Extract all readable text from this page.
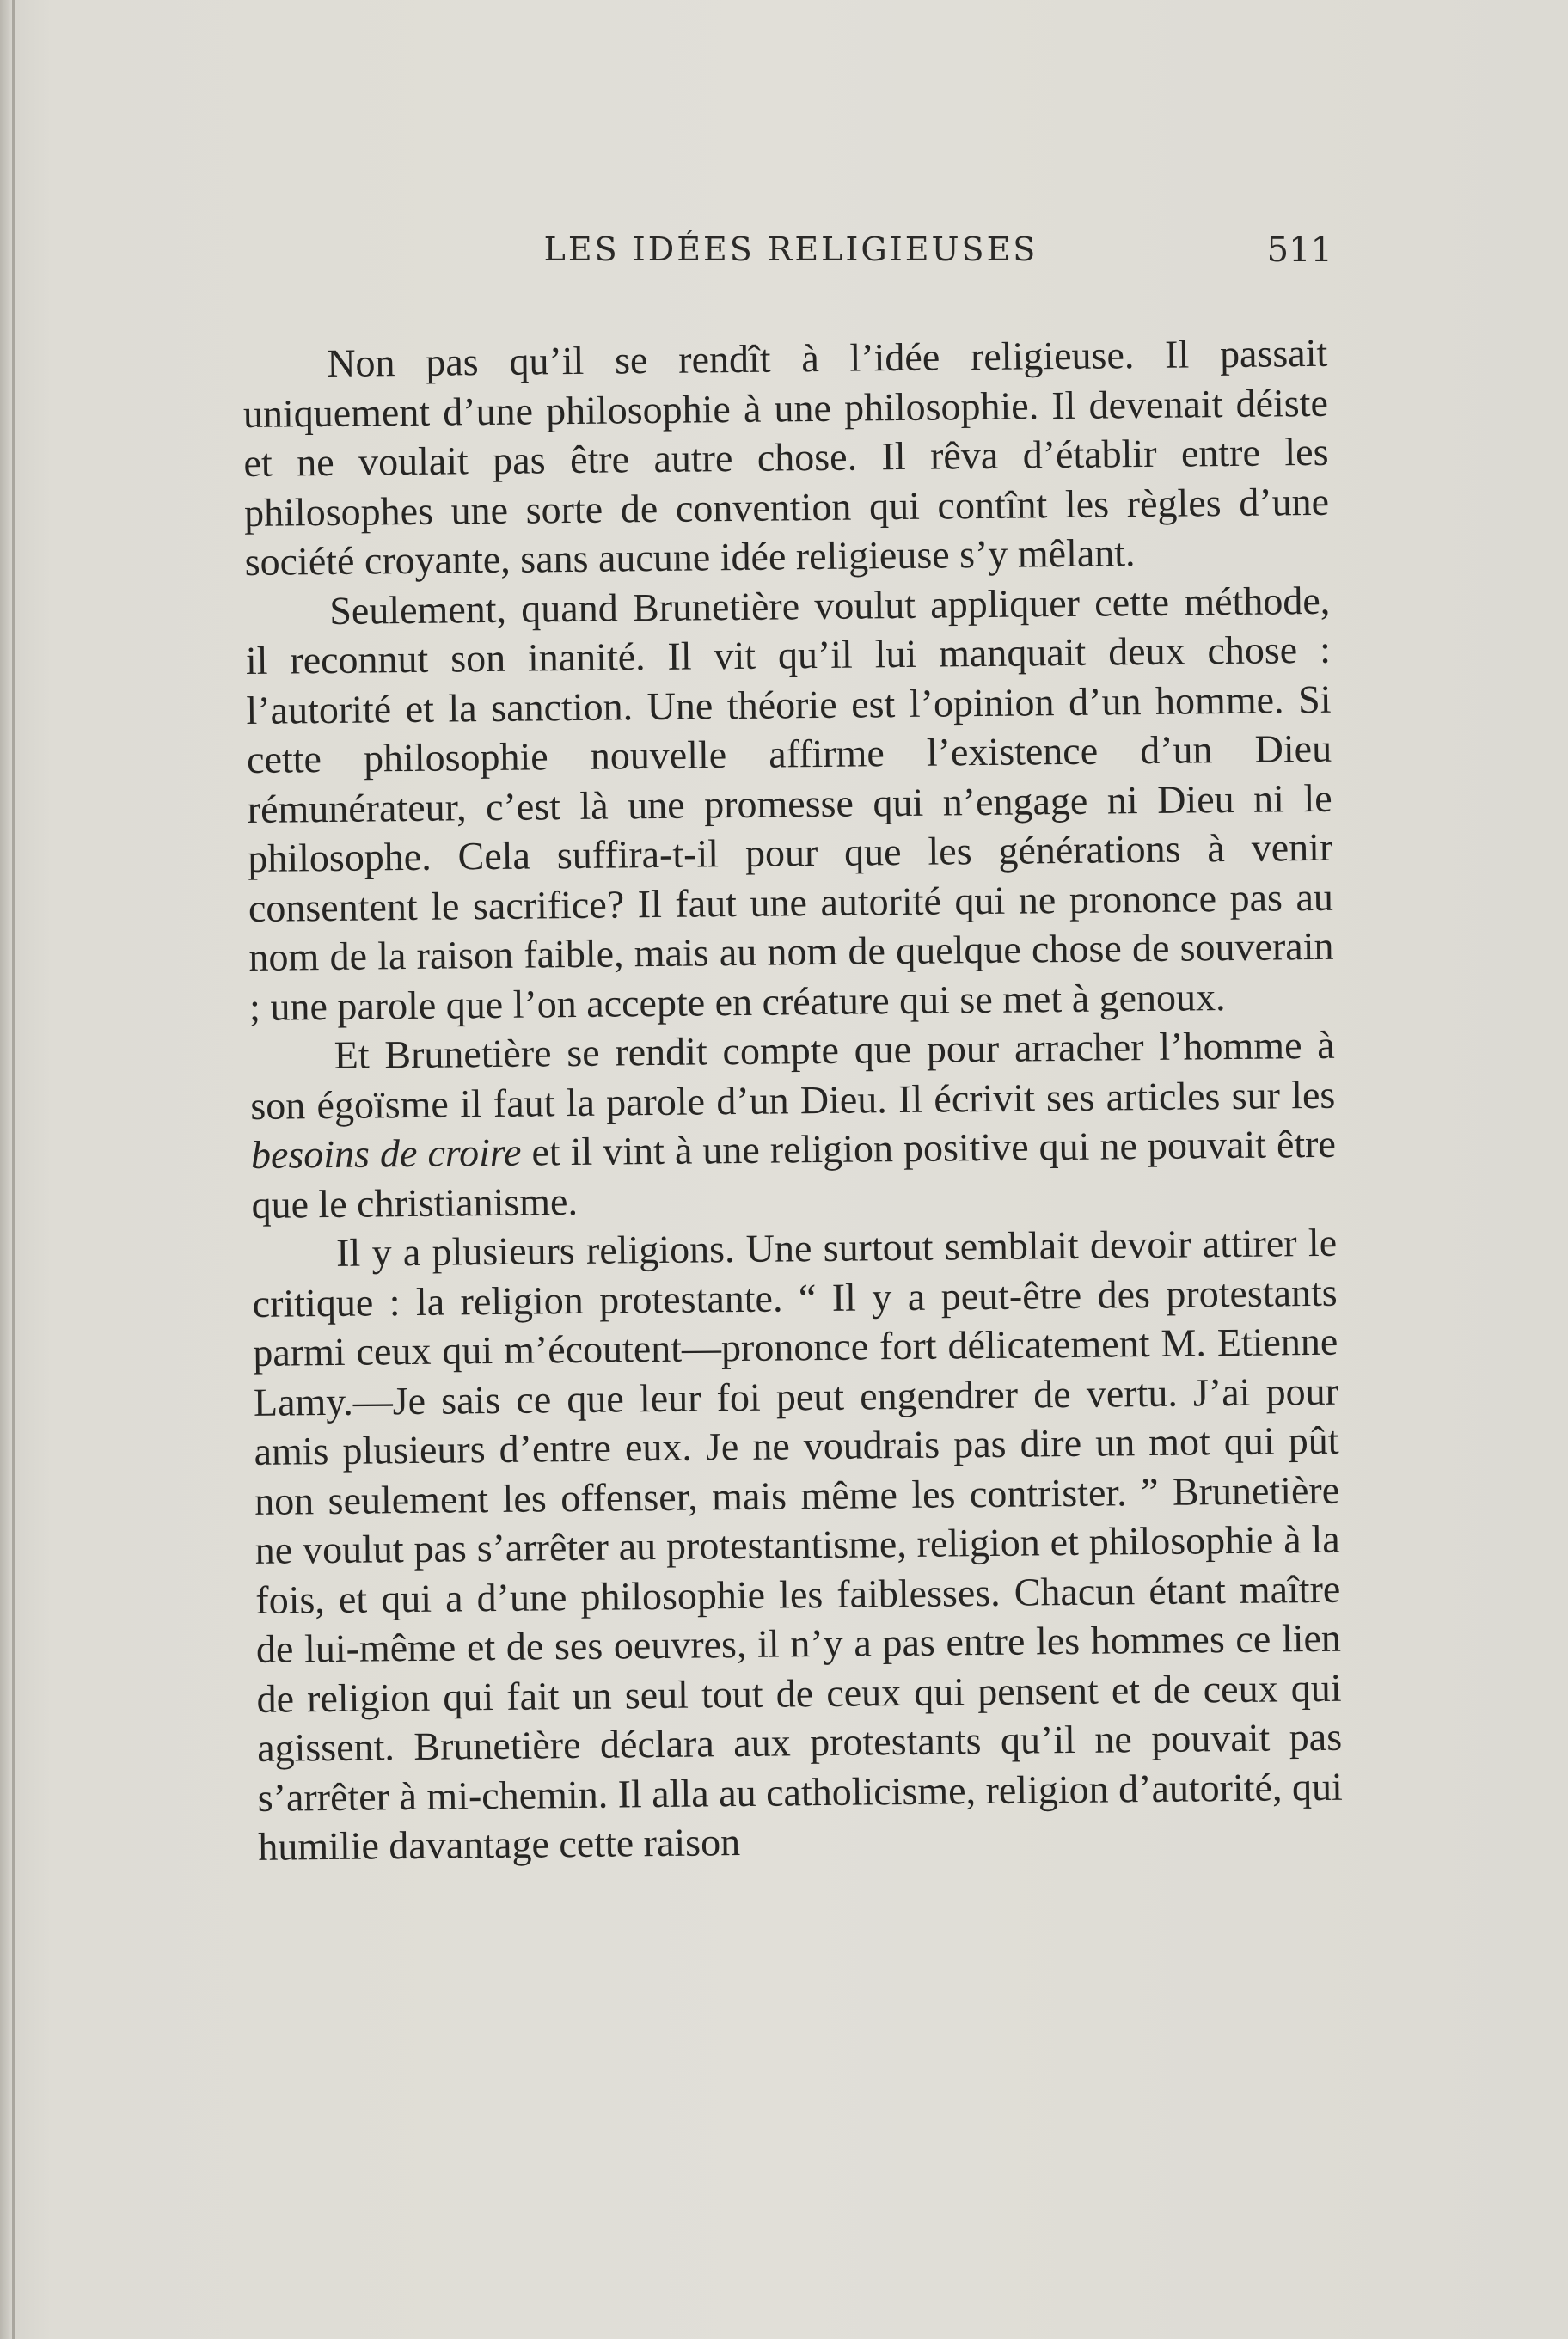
LES IDÉES RELIGIEUSES	511

Non pas qu’il se rendît à l’idée religieuse. Il passait uniquement d’une philosophie à une philosophie. Il devenait déiste et ne voulait pas être autre chose. Il rêva d’établir entre les philosophes une sorte de convention qui contînt les règles d’une société croyante, sans aucune idée religieuse s’y mêlant.

Seulement, quand Brunetière voulut appliquer cette méthode, il reconnut son inanité. Il vit qu’il lui manquait deux chose : l’autorité et la sanction. Une théorie est l’opinion d’un homme. Si cette philosophie nouvelle affirme l’existence d’un Dieu rémunérateur, c’est là une promesse qui n’engage ni Dieu ni le philosophe. Cela suffira-t-il pour que les générations à venir consentent le sacrifice? Il faut une autorité qui ne prononce pas au nom de la raison faible, mais au nom de quelque chose de souverain ; une parole que l’on accepte en créature qui se met à genoux.

Et Brunetière se rendit compte que pour arracher l’homme à son égoïsme il faut la parole d’un Dieu. Il écrivit ses articles sur les besoins de croire et il vint à une religion positive qui ne pouvait être que le christianisme.

Il y a plusieurs religions. Une surtout semblait devoir attirer le critique : la religion protestante. “ Il y a peut-être des protestants parmi ceux qui m’écoutent—prononce fort délicatement M. Etienne Lamy.—Je sais ce que leur foi peut engendrer de vertu. J’ai pour amis plusieurs d’entre eux. Je ne voudrais pas dire un mot qui pût non seulement les offenser, mais même les contrister. ” Brunetière ne voulut pas s’arrêter au protestantisme, religion et philosophie à la fois, et qui a d’une philosophie les faiblesses. Chacun étant maître de lui-même et de ses oeuvres, il n’y a pas entre les hommes ce lien de religion qui fait un seul tout de ceux qui pensent et de ceux qui agissent. Brunetière déclara aux protestants qu’il ne pouvait pas s’arrêter à mi-chemin. Il alla au catholicisme, religion d’autorité, qui humilie davantage cette raison
